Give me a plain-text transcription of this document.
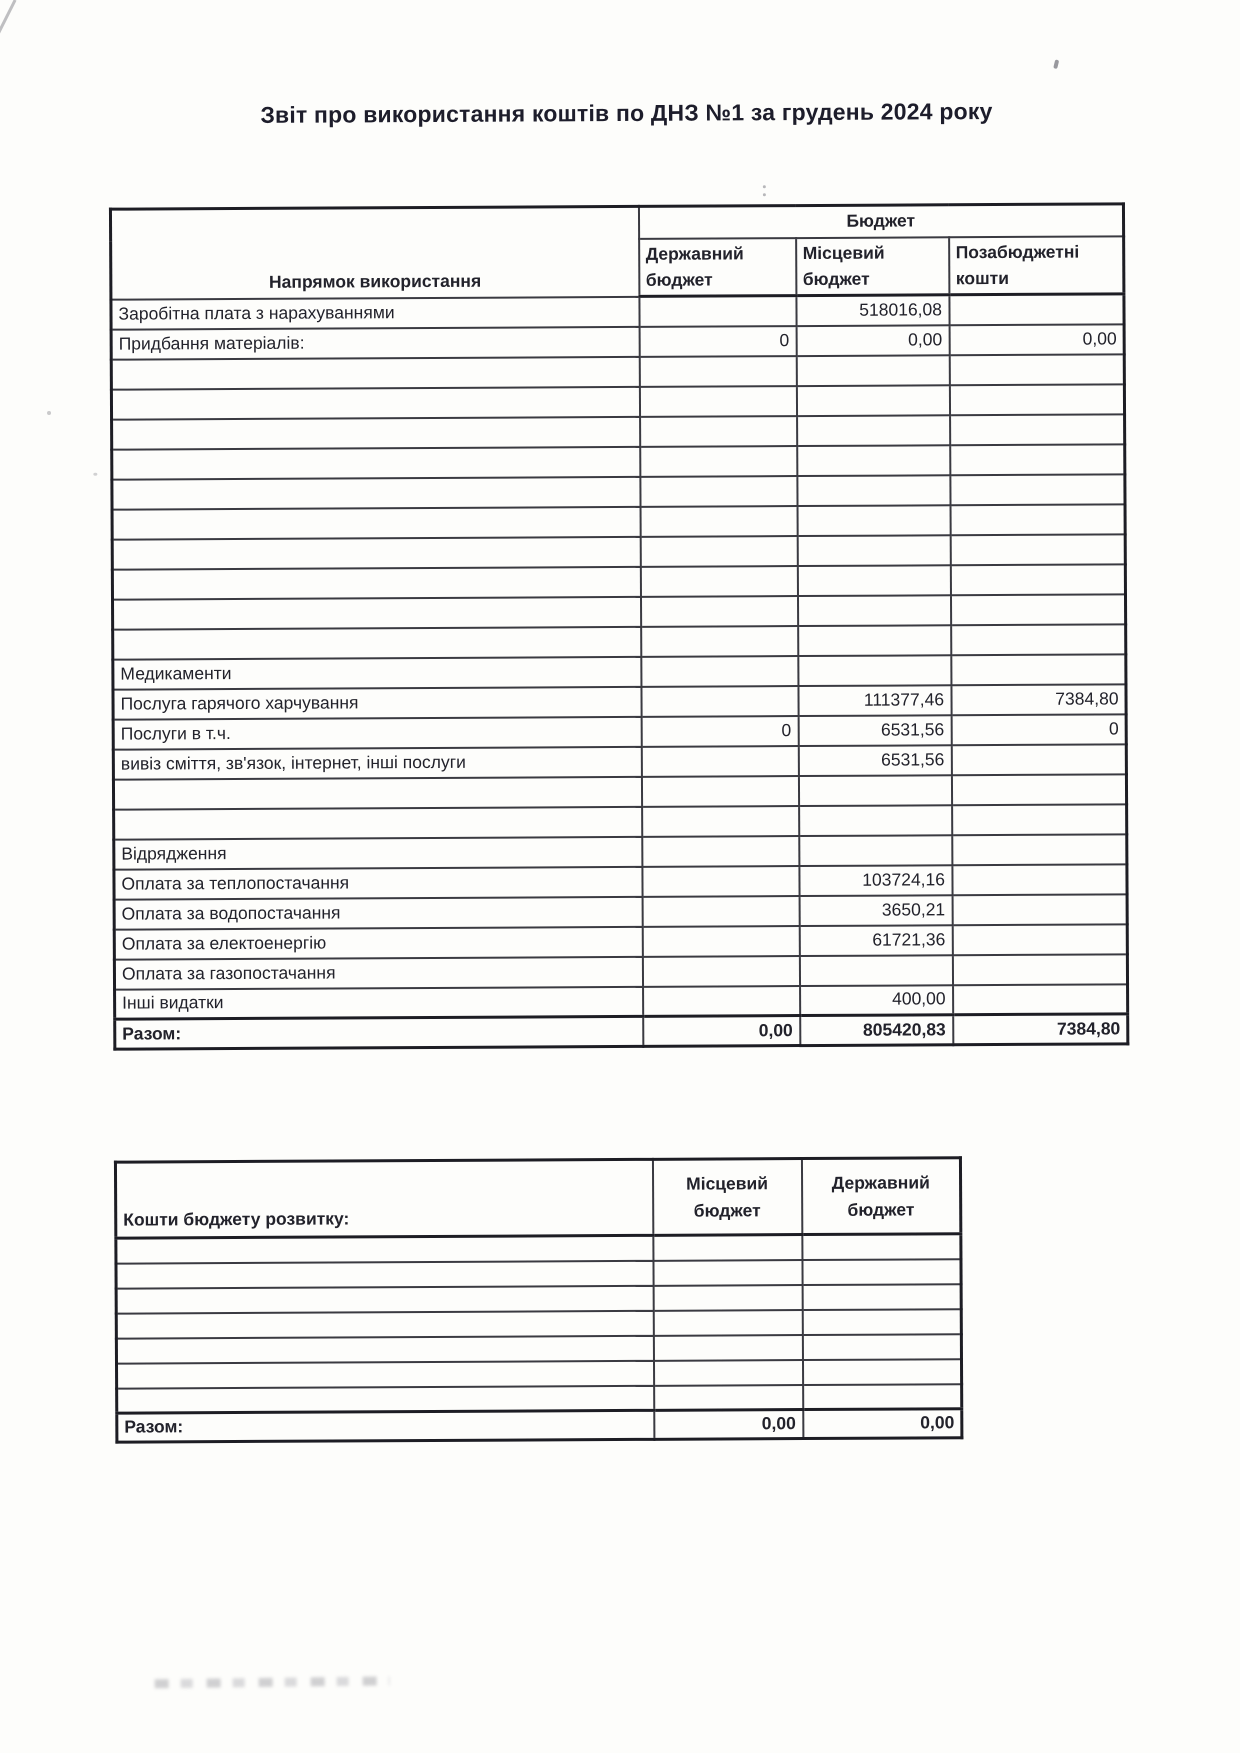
Звіт про використання коштів по ДНЗ №1 за грудень 2024 року
Напрямок використання	Бюджет		
	Державний бюджет	Місцевий бюджет	Позабюджетні кошти
Заробітна плата з нарахуваннями		518016,08	
Придбання матеріалів:	0	0,00	0,00

Медикаменти			
Послуга гарячого харчування		111377,46	7384,80
Послуги в т.ч.	0	6531,56	0
вивіз сміття, зв'язок, інтернет, інші послуги		6531,56	

Відрядження			
Оплата за теплопостачання		103724,16	
Оплата за водопостачання		3650,21	
Оплата за електоенергію		61721,36	
Оплата за газопостачання			
Інші видатки		400,00	
Разом:	0,00	805420,83	7384,80
Кошти бюджету розвитку:	Місцевий бюджет	Державний бюджет

Разом:	0,00	0,00
